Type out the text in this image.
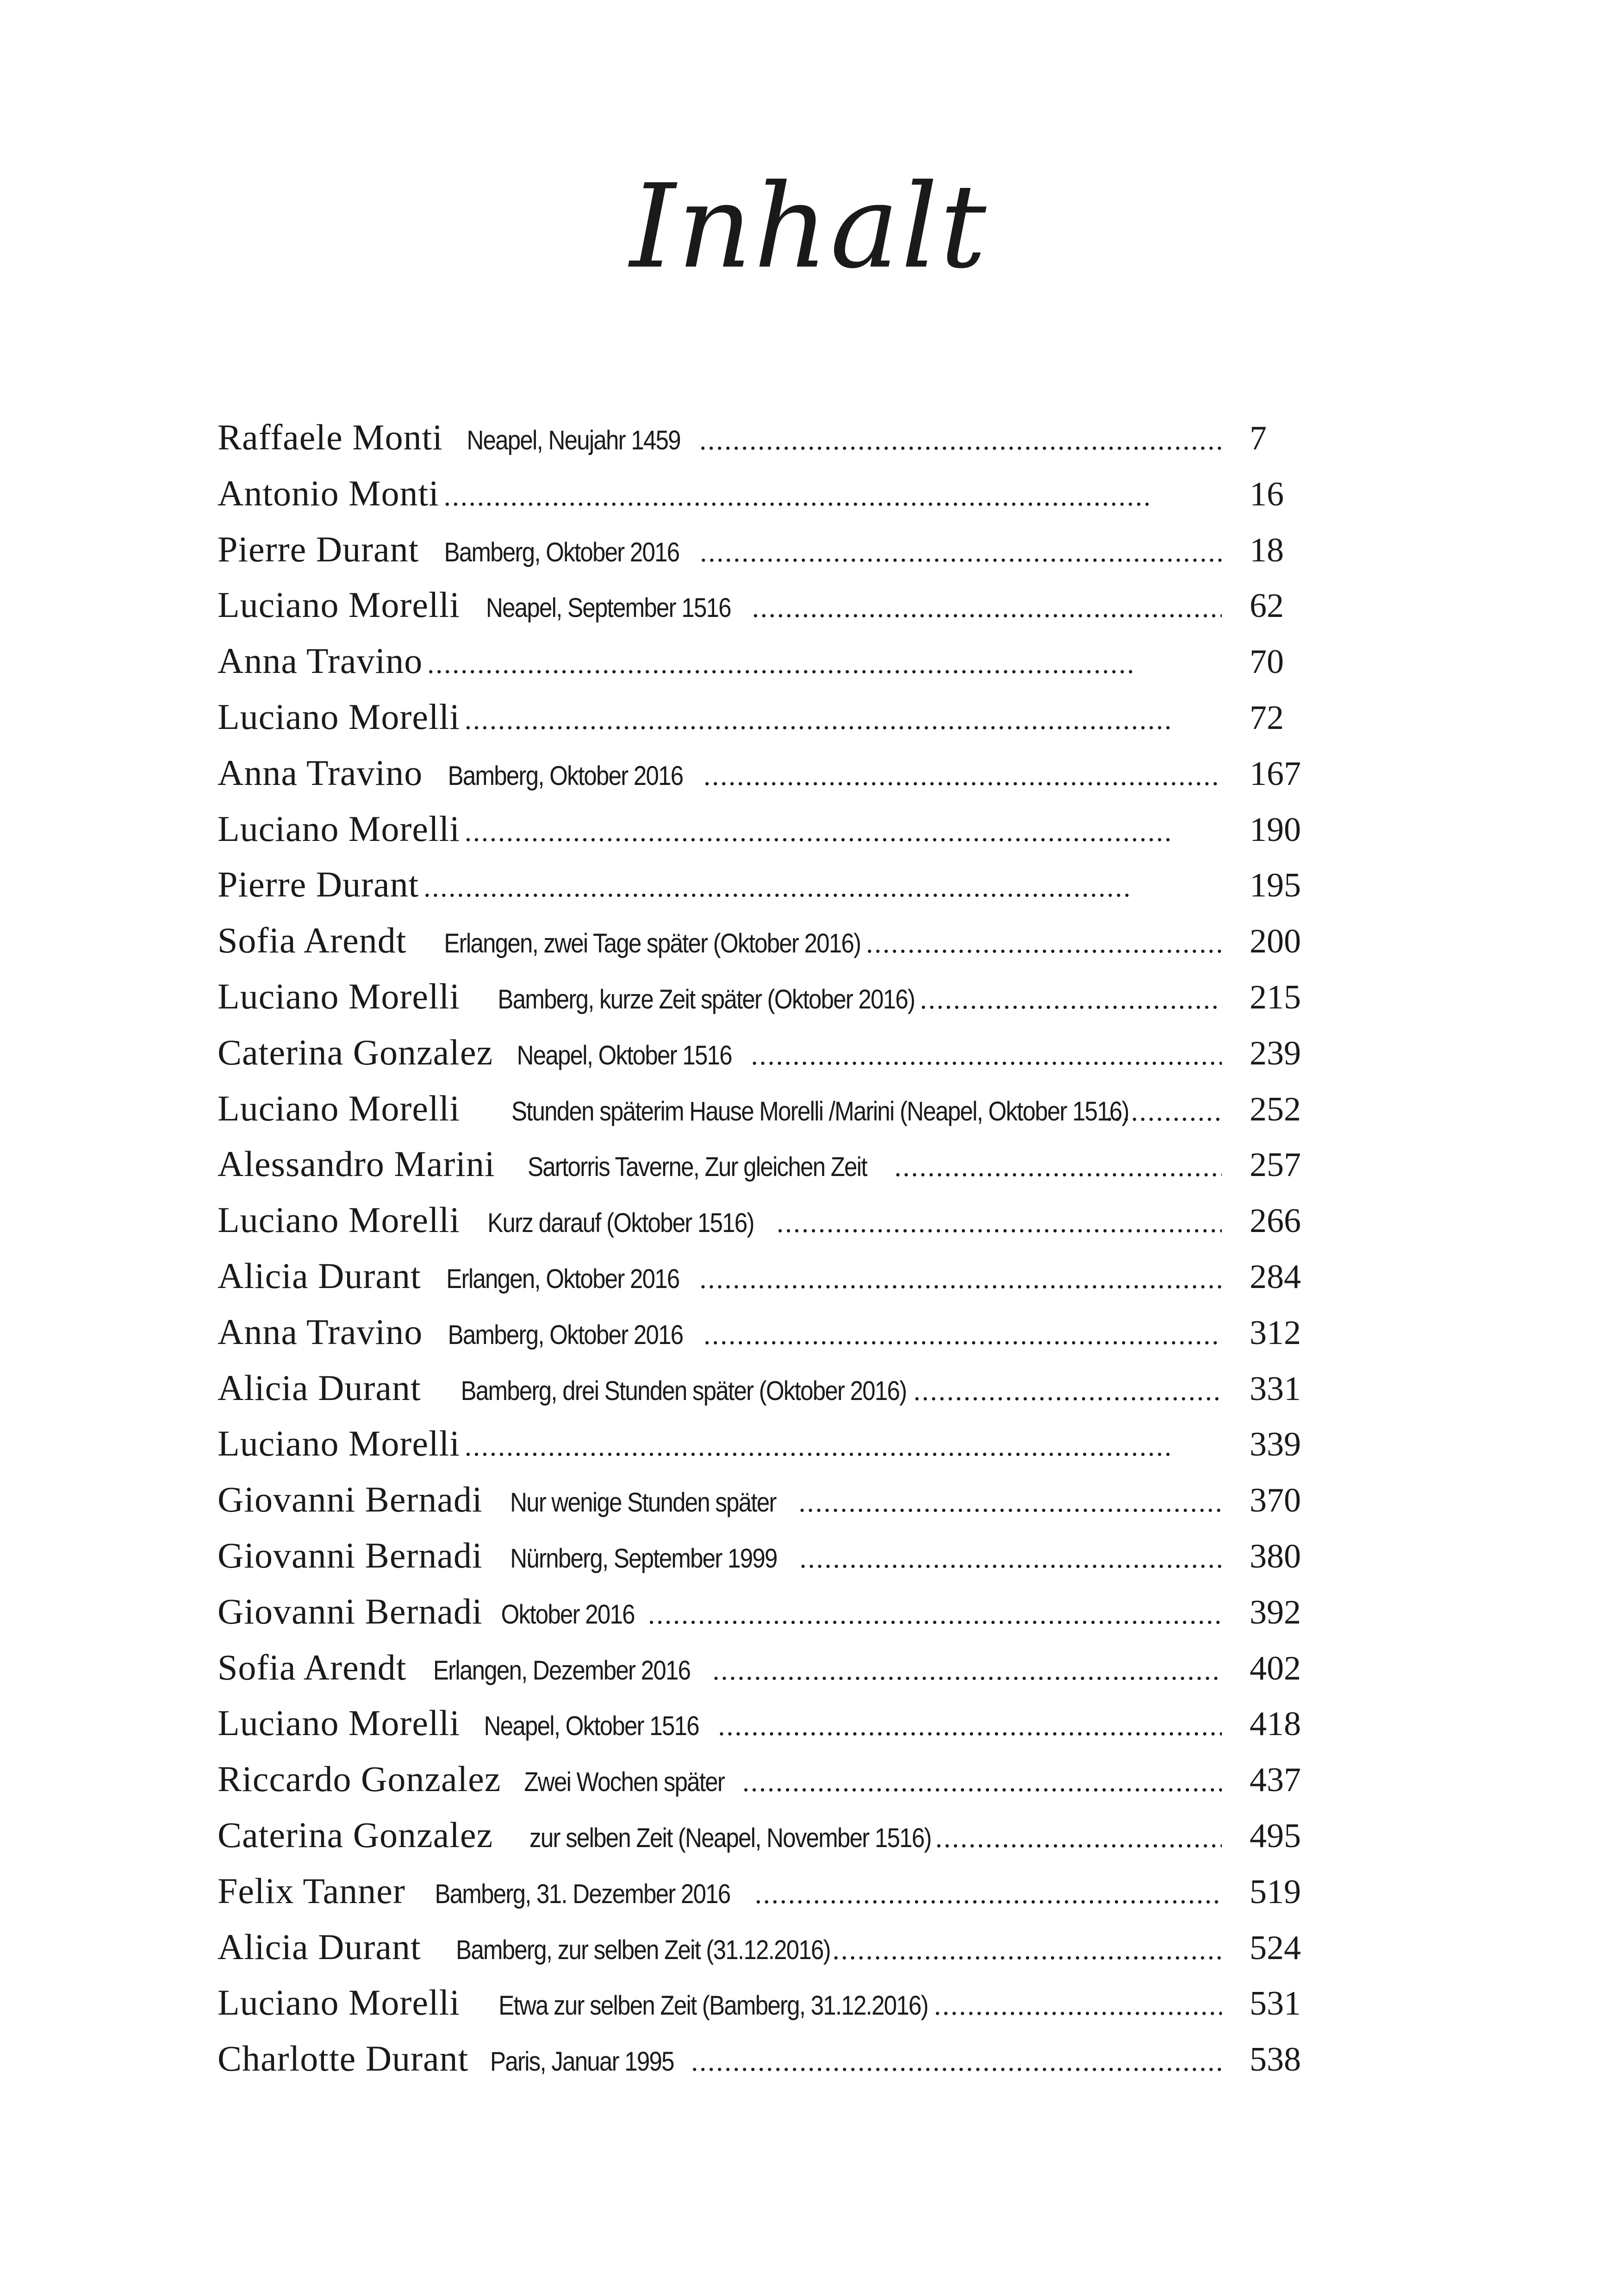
Inhalt
Raffaele Monti Neapel, Neujahr 1459 . . .	7
Antonio Monti . . .	16
Pierre Durant Bamberg, Oktober 2016 . . .	18
Luciano Morelli Neapel, September 1516 . . .	62
Anna Travino . . .	70
Luciano Morelli . . .	72
Anna Travino Bamberg, Oktober 2016 . . .	167
Luciano Morelli . . .	190
Pierre Durant . . .	195
Sofia Arendt Erlangen, zwei Tage später (Oktober 2016) . . .	200
Luciano Morelli Bamberg, kurze Zeit später (Oktober 2016) . . .	215
Caterina Gonzalez Neapel, Oktober 1516 . . .	239
Luciano Morelli Stunden späterim Hause Morelli /Marini (Neapel, Oktober 1516) . . .	252
Alessandro Marini Sartorris Taverne, Zur gleichen Zeit . . .	257
Luciano Morelli Kurz darauf (Oktober 1516) . . .	266
Alicia Durant Erlangen, Oktober 2016 . . .	284
Anna Travino Bamberg, Oktober 2016 . . .	312
Alicia Durant Bamberg, drei Stunden später (Oktober 2016) . . .	331
Luciano Morelli . . .	339
Giovanni Bernadi Nur wenige Stunden später . . .	370
Giovanni Bernadi Nürnberg, September 1999 . . .	380
Giovanni Bernadi Oktober 2016 . . .	392
Sofia Arendt Erlangen, Dezember 2016 . . .	402
Luciano Morelli Neapel, Oktober 1516 . . .	418
Riccardo Gonzalez Zwei Wochen später . . .	437
Caterina Gonzalez zur selben Zeit (Neapel, November 1516) . . .	495
Felix Tanner Bamberg, 31. Dezember 2016 . . .	519
Alicia Durant Bamberg, zur selben Zeit (31.12.2016) . . .	524
Luciano Morelli Etwa zur selben Zeit (Bamberg, 31.12.2016) . . .	531
Charlotte Durant Paris, Januar 1995 . . .	538
